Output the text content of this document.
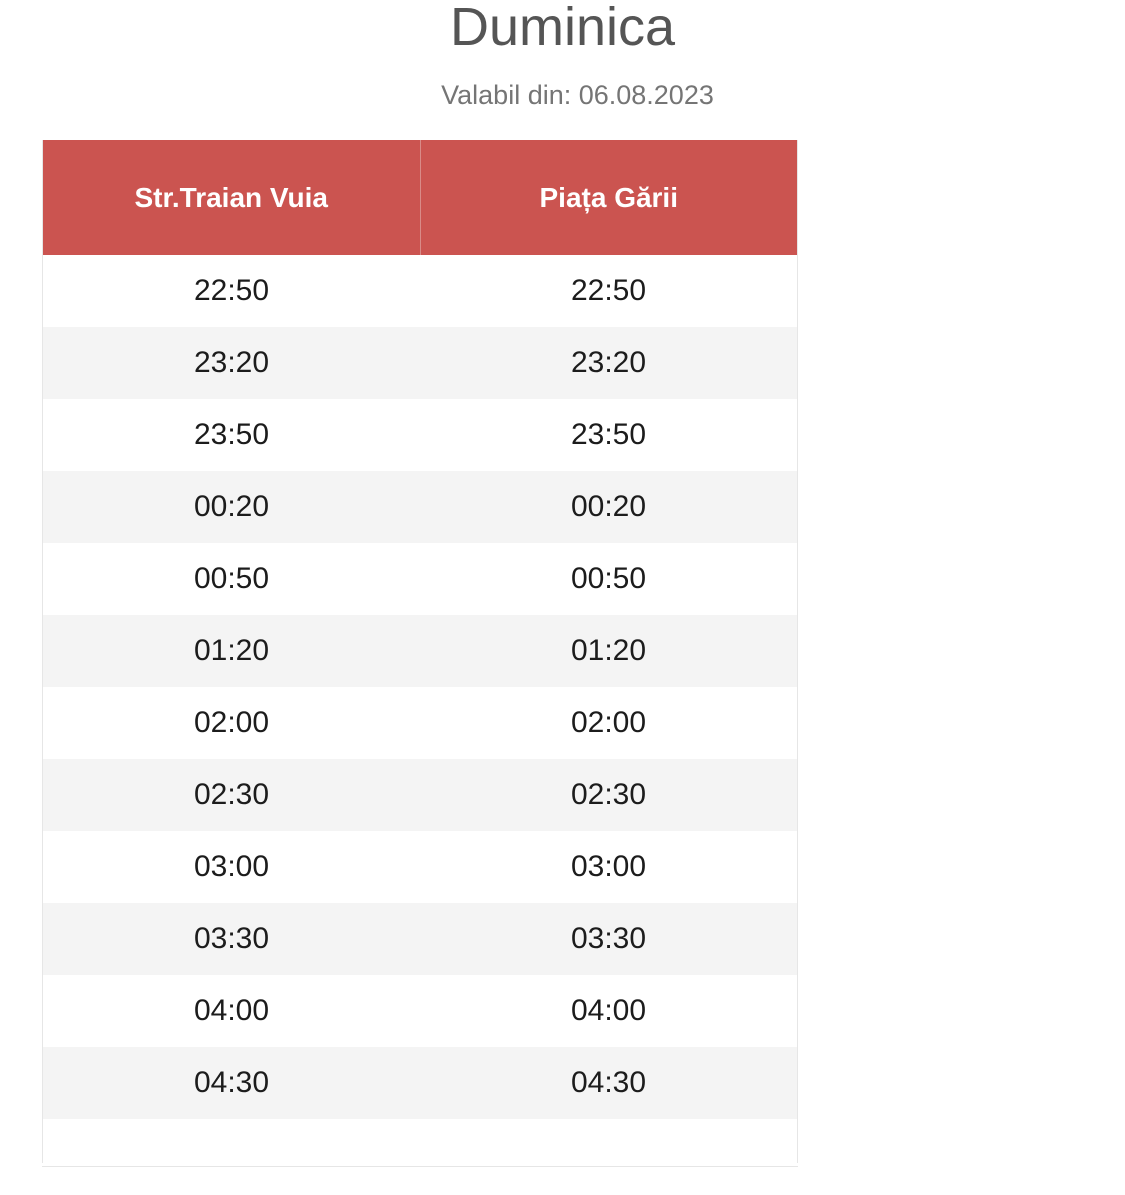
Duminica
Valabil din: 06.08.2023
Str.Traian Vuia	Piața Gării
22:50	22:50
23:20	23:20
23:50	23:50
00:20	00:20
00:50	00:50
01:20	01:20
02:00	02:00
02:30	02:30
03:00	03:00
03:30	03:30
04:00	04:00
04:30	04:30
